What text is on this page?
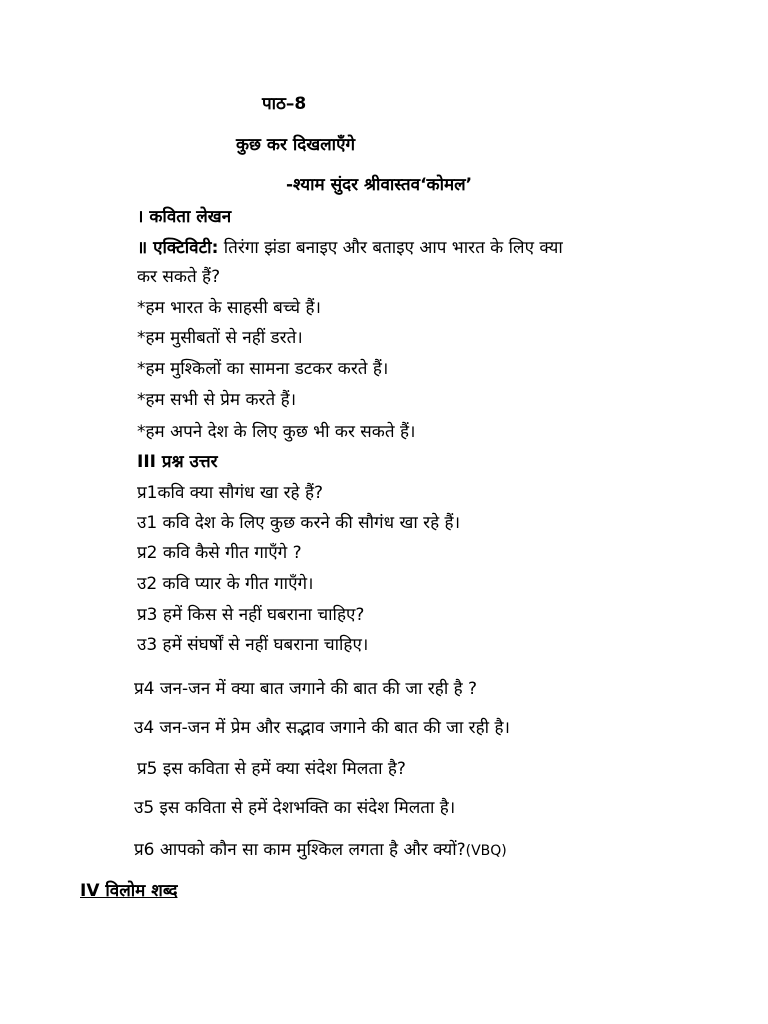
पाठ–8
कुछ कर दिखलाएँगे
-श्याम सुंदर श्रीवास्तव‘कोमल’
। कविता लेखन
॥ एक्टिविटी: तिरंगा झंडा बनाइए और बताइए आप भारत के लिए क्या
कर सकते हैं?
*हम भारत के साहसी बच्चे हैं।
*हम मुसीबतों से नहीं डरते।
*हम मुश्किलों का सामना डटकर करते हैं।
*हम सभी से प्रेम करते हैं।
*हम अपने देश के लिए कुछ भी कर सकते हैं।
III प्रश्न उत्तर
प्र1कवि क्या सौगंध खा रहे हैं?
उ1 कवि देश के लिए कुछ करने की सौगंध खा रहे हैं।
प्र2 कवि कैसे गीत गाएँगे ?
उ2 कवि प्यार के गीत गाएँगे।
प्र3 हमें किस से नहीं घबराना चाहिए?
उ3 हमें संघर्षों से नहीं घबराना चाहिए।
प्र4 जन-जन में क्या बात जगाने की बात की जा रही है ?
उ4 जन-जन में प्रेम और सद्भाव जगाने की बात की जा रही है।
प्र5 इस कविता से हमें क्या संदेश मिलता है?
उ5 इस कविता से हमें देशभक्ति का संदेश मिलता है।
प्र6 आपको कौन सा काम मुश्किल लगता है और क्यों?(VBQ)
IV विलोम शब्द
